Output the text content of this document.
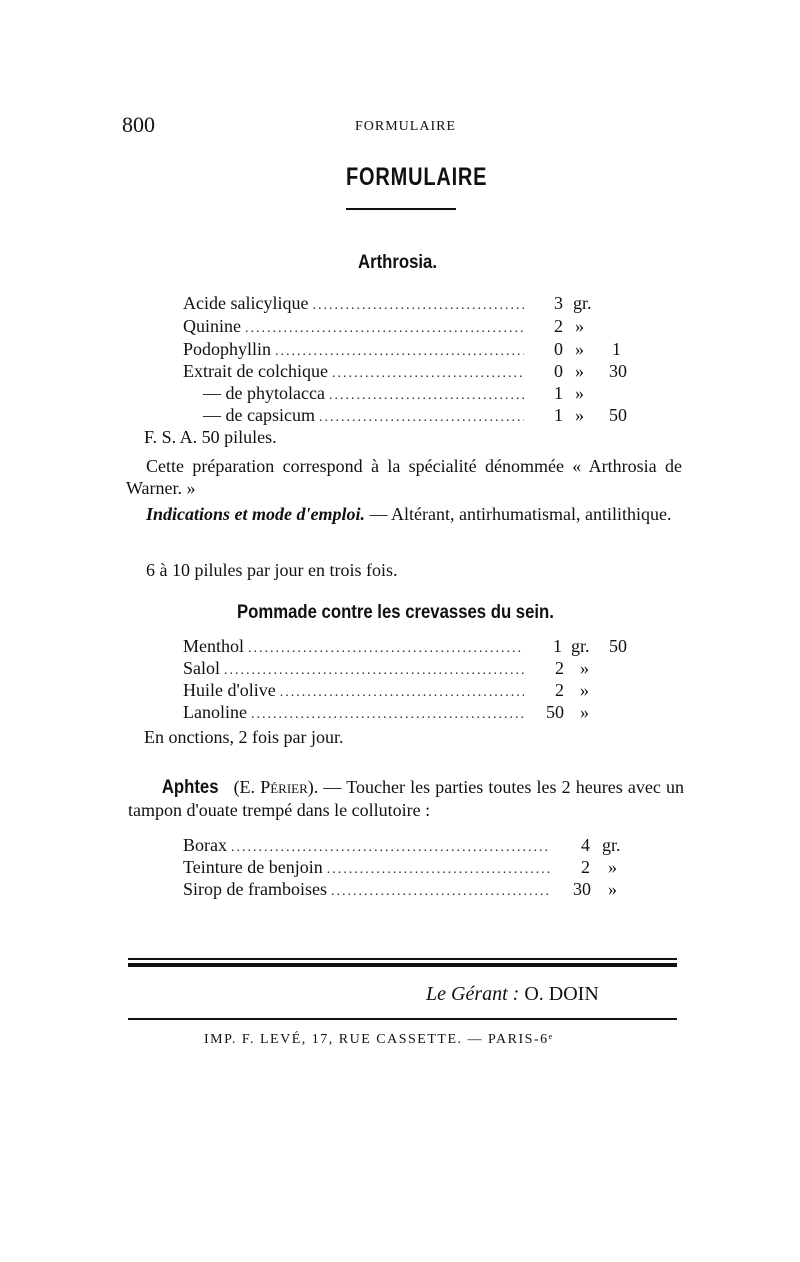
800	FORMULAIRE
FORMULAIRE
Arthrosia.
Acide salicylique .....	3 gr.
Quinine .....	2 »
Podophyllin .....	0 » 1
Extrait de colchique .....	0 » 30
— de phytolacca .....	1 »
— de capsicum .....	1 » 50
F. S. A. 50 pilules.
Cette préparation correspond à la spécialité dénommée « Arthrosia de Warner. »
Indications et mode d'emploi. — Altérant, antirhumatismal, antilithique.
6 à 10 pilules par jour en trois fois.
Pommade contre les crevasses du sein.
Menthol .....	1 gr. 50
Salol .....	2 »
Huile d'olive .....	2 »
Lanoline .....	50 »
En onctions, 2 fois par jour.
Aphtes (E. Périer). — Toucher les parties toutes les 2 heures avec un tampon d'ouate trempé dans le collutoire :
Borax .....	4 gr.
Teinture de benjoin .....	2 »
Sirop de framboises .....	30 »
Le Gérant : O. DOIN
IMP. F. LEVÉ, 17, RUE CASSETTE. — PARIS-6ᵉ
